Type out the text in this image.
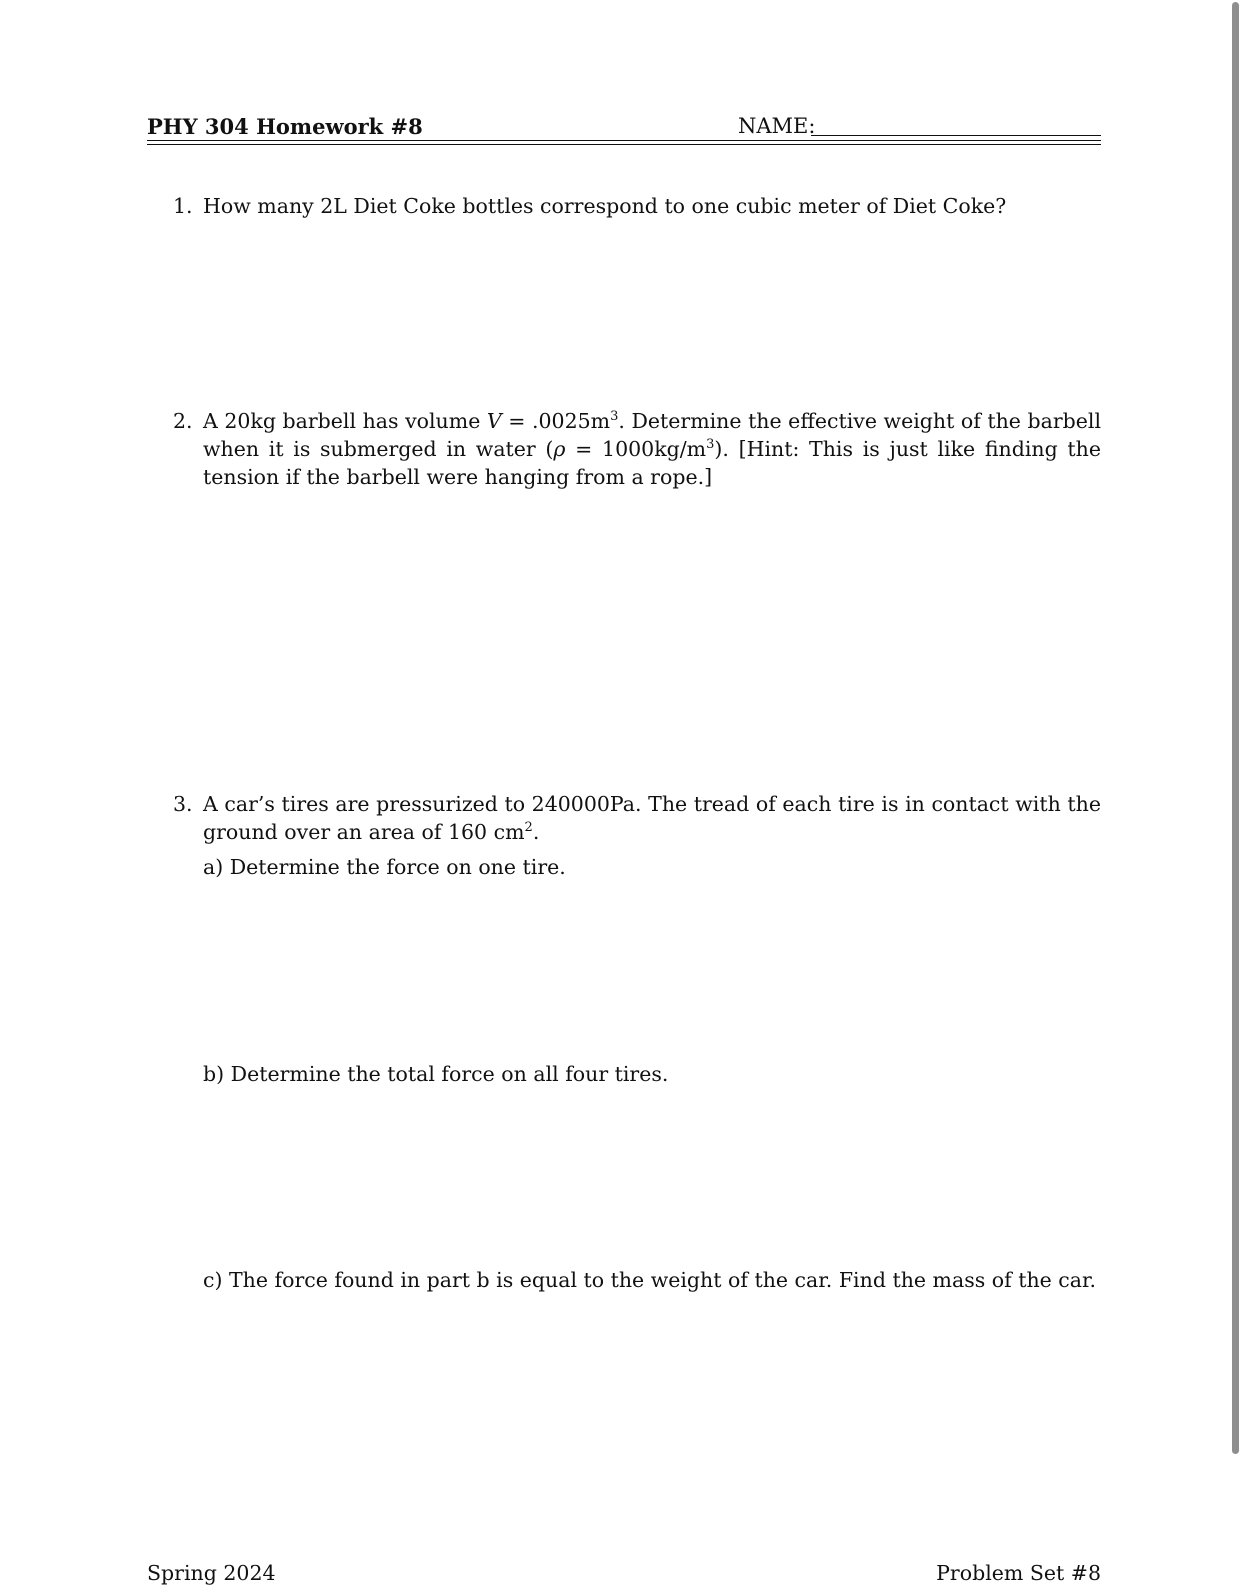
PHY 304 Homework #8	NAME:
1. How many 2L Diet Coke bottles correspond to one cubic meter of Diet Coke?
2. A 20kg barbell has volume $V = .0025m^3$. Determine the effective weight of the barbell when it is submerged in water $(\rho = 1000kg/m^3)$. [Hint: This is just like finding the tension if the barbell were hanging from a rope.]
3. A car’s tires are pressurized to 240000Pa. The tread of each tire is in contact with the ground over an area of 160 $cm^2$.
a) Determine the force on one tire.
b) Determine the total force on all four tires.
c) The force found in part b is equal to the weight of the car. Find the mass of the car.
Spring 2024	Problem Set #8
